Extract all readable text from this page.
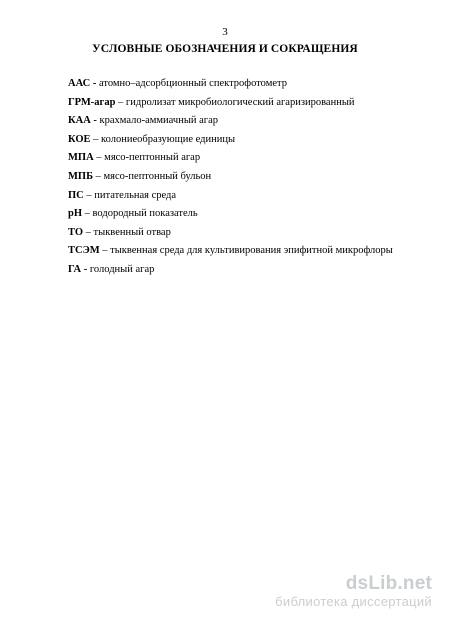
3
УСЛОВНЫЕ ОБОЗНАЧЕНИЯ И СОКРАЩЕНИЯ
ААС - атомно–адсорбционный спектрофотометр
ГРМ-агар – гидролизат микробиологический агаризированный
КАА - крахмало-аммиачный агар
КОЕ – колониеобразующие единицы
МПА – мясо-пептонный агар
МПБ – мясо-пептонный бульон
ПС – питательная среда
pH – водородный показатель
ТО – тыквенный отвар
ТСЭМ – тыквенная среда для культивирования эпифитной микрофлоры
ГА - голодный агар
dsLib.net
библиотека диссертаций
